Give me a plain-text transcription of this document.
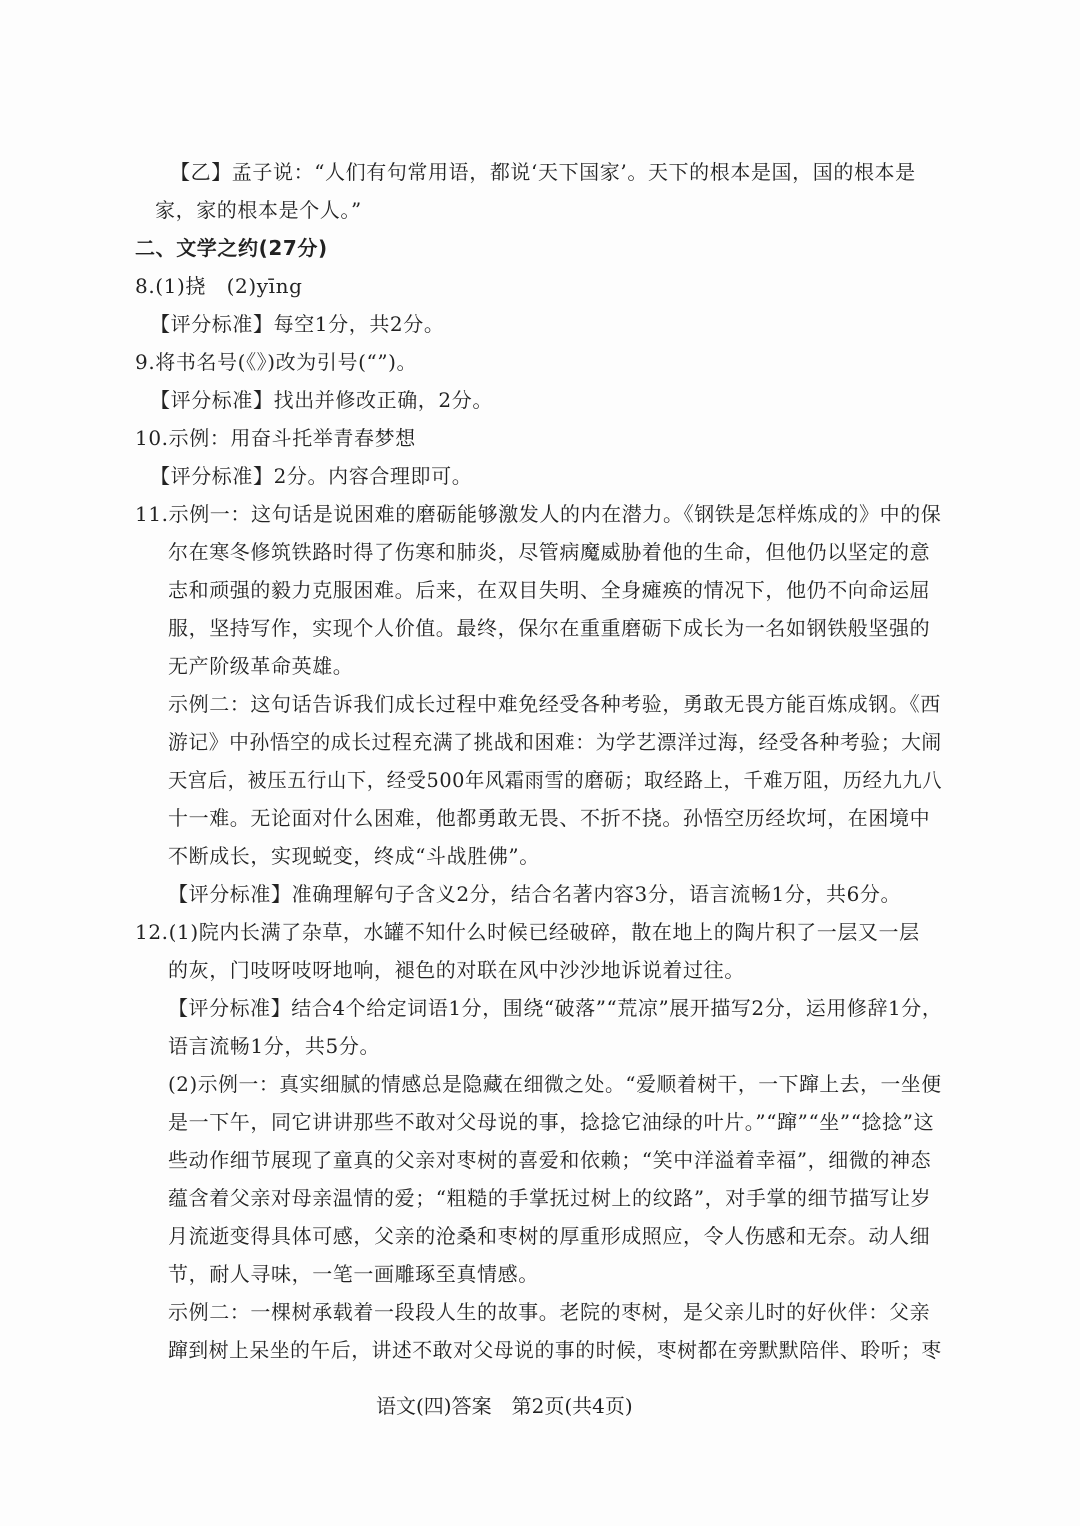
【乙】孟子说：“人们有句常用语，都说‘天下国家’。天下的根本是国，国的根本是
家，家的根本是个人。”
二、文学之约(27分)
8.(1)挠　(2)yīng
【评分标准】每空1分，共2分。
9.将书名号(《》)改为引号(“”)。
【评分标准】找出并修改正确，2分。
10.示例：用奋斗托举青春梦想
【评分标准】2分。内容合理即可。
11.示例一：这句话是说困难的磨砺能够激发人的内在潜力。《钢铁是怎样炼成的》中的保
尔在寒冬修筑铁路时得了伤寒和肺炎，尽管病魔威胁着他的生命，但他仍以坚定的意
志和顽强的毅力克服困难。后来，在双目失明、全身瘫痪的情况下，他仍不向命运屈
服，坚持写作，实现个人价值。最终，保尔在重重磨砺下成长为一名如钢铁般坚强的
无产阶级革命英雄。
示例二：这句话告诉我们成长过程中难免经受各种考验，勇敢无畏方能百炼成钢。《西
游记》中孙悟空的成长过程充满了挑战和困难：为学艺漂洋过海，经受各种考验；大闹
天宫后，被压五行山下，经受500年风霜雨雪的磨砺；取经路上，千难万阻，历经九九八
十一难。无论面对什么困难，他都勇敢无畏、不折不挠。孙悟空历经坎坷，在困境中
不断成长，实现蜕变，终成“斗战胜佛”。
【评分标准】准确理解句子含义2分，结合名著内容3分，语言流畅1分，共6分。
12.(1)院内长满了杂草，水罐不知什么时候已经破碎，散在地上的陶片积了一层又一层
的灰，门吱呀吱呀地响，褪色的对联在风中沙沙地诉说着过往。
【评分标准】结合4个给定词语1分，围绕“破落”“荒凉”展开描写2分，运用修辞1分，
语言流畅1分，共5分。
(2)示例一：真实细腻的情感总是隐藏在细微之处。“爱顺着树干，一下蹿上去，一坐便
是一下午，同它讲讲那些不敢对父母说的事，捻捻它油绿的叶片。”“蹿”“坐”“捻捻”这
些动作细节展现了童真的父亲对枣树的喜爱和依赖；“笑中洋溢着幸福”，细微的神态
蕴含着父亲对母亲温情的爱；“粗糙的手掌抚过树上的纹路”，对手掌的细节描写让岁
月流逝变得具体可感，父亲的沧桑和枣树的厚重形成照应，令人伤感和无奈。动人细
节，耐人寻味，一笔一画雕琢至真情感。
示例二：一棵树承载着一段段人生的故事。老院的枣树，是父亲儿时的好伙伴：父亲
蹿到树上呆坐的午后，讲述不敢对父母说的事的时候，枣树都在旁默默陪伴、聆听；枣
语文(四)答案　第2页(共4页)
